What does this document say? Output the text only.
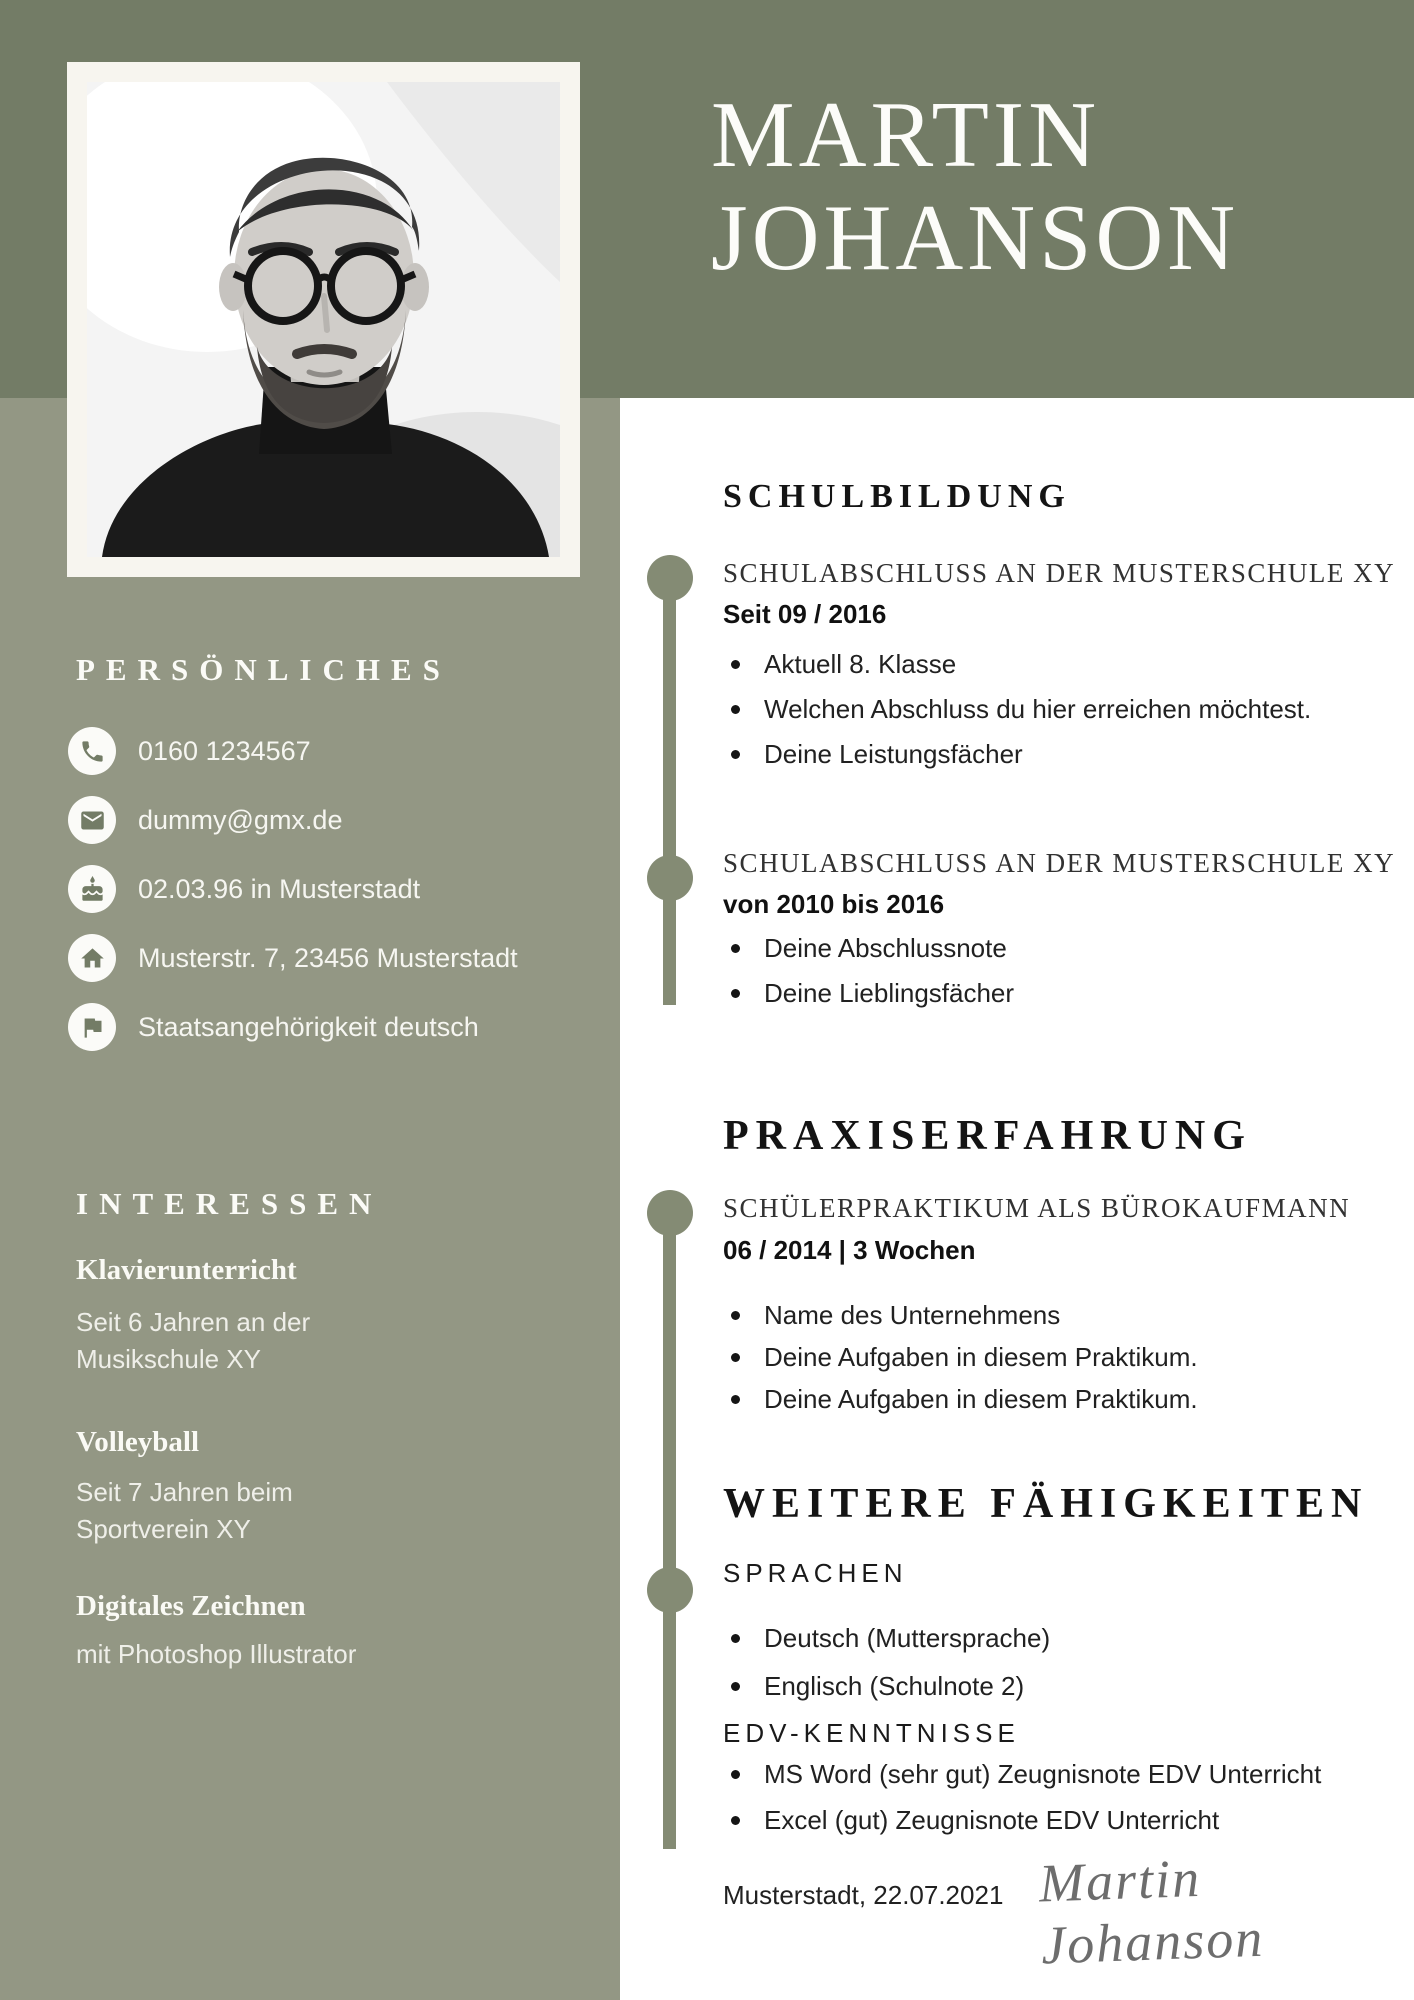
MARTIN
JOHANSON
PERSÖNLICHES
0160 1234567
dummy@gmx.de
02.03.96 in Musterstadt
Musterstr. 7, 23456 Musterstadt
Staatsangehörigkeit deutsch
INTERESSEN
Klavierunterricht
Seit 6 Jahren an der Musikschule XY
Volleyball
Seit 7 Jahren beim Sportverein XY
Digitales Zeichnen
mit Photoshop Illustrator
SCHULBILDUNG
SCHULABSCHLUSS AN DER MUSTERSCHULE XY
Seit 09 / 2016
Aktuell 8. Klasse
Welchen Abschluss du hier erreichen möchtest.
Deine Leistungsfächer
SCHULABSCHLUSS AN DER MUSTERSCHULE XY
von 2010 bis 2016
Deine Abschlussnote
Deine Lieblingsfächer
PRAXISERFAHRUNG
SCHÜLERPRAKTIKUM ALS BÜROKAUFMANN
06 / 2014 | 3 Wochen
Name des Unternehmens
Deine Aufgaben in diesem Praktikum.
Deine Aufgaben in diesem Praktikum.
WEITERE FÄHIGKEITEN
SPRACHEN
Deutsch (Muttersprache)
Englisch (Schulnote 2)
EDV-KENNTNISSE
MS Word (sehr gut) Zeugnisnote EDV Unterricht
Excel (gut) Zeugnisnote EDV Unterricht
Musterstadt, 22.07.2021 Martin Johanson
